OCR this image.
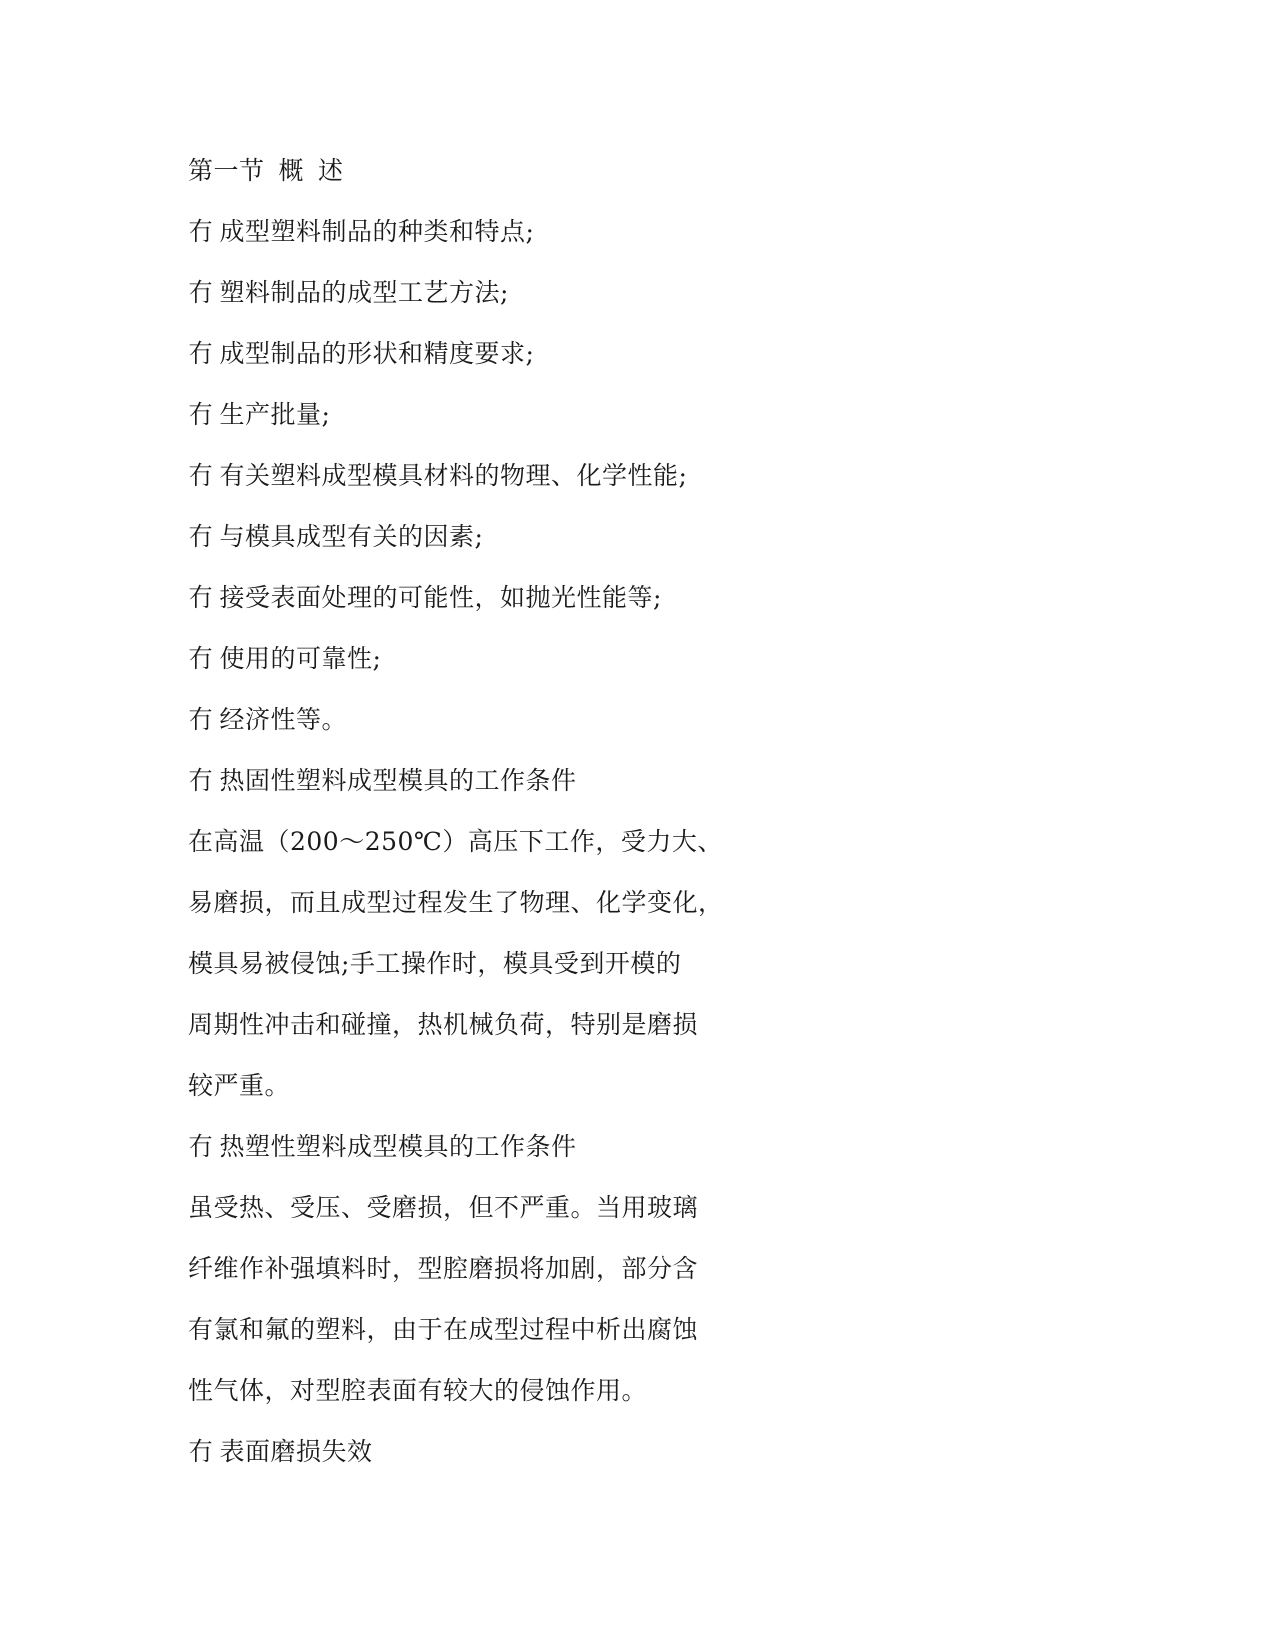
第一节 概 述
冇 成型塑料制品的种类和特点;
冇 塑料制品的成型工艺方法;
冇 成型制品的形状和精度要求;
冇 生产批量;
冇 有关塑料成型模具材料的物理、化学性能;
冇 与模具成型有关的因素;
冇 接受表面处理的可能性，如抛光性能等;
冇 使用的可靠性;
冇 经济性等。
冇 热固性塑料成型模具的工作条件
在高温（200～250℃）高压下工作，受力大、
易磨损，而且成型过程发生了物理、化学变化，
模具易被侵蚀;手工操作时，模具受到开模的
周期性冲击和碰撞，热机械负荷，特别是磨损
较严重。
冇 热塑性塑料成型模具的工作条件
虽受热、受压、受磨损，但不严重。当用玻璃
纤维作补强填料时，型腔磨损将加剧，部分含
有氯和氟的塑料，由于在成型过程中析出腐蚀
性气体，对型腔表面有较大的侵蚀作用。
冇 表面磨损失效
